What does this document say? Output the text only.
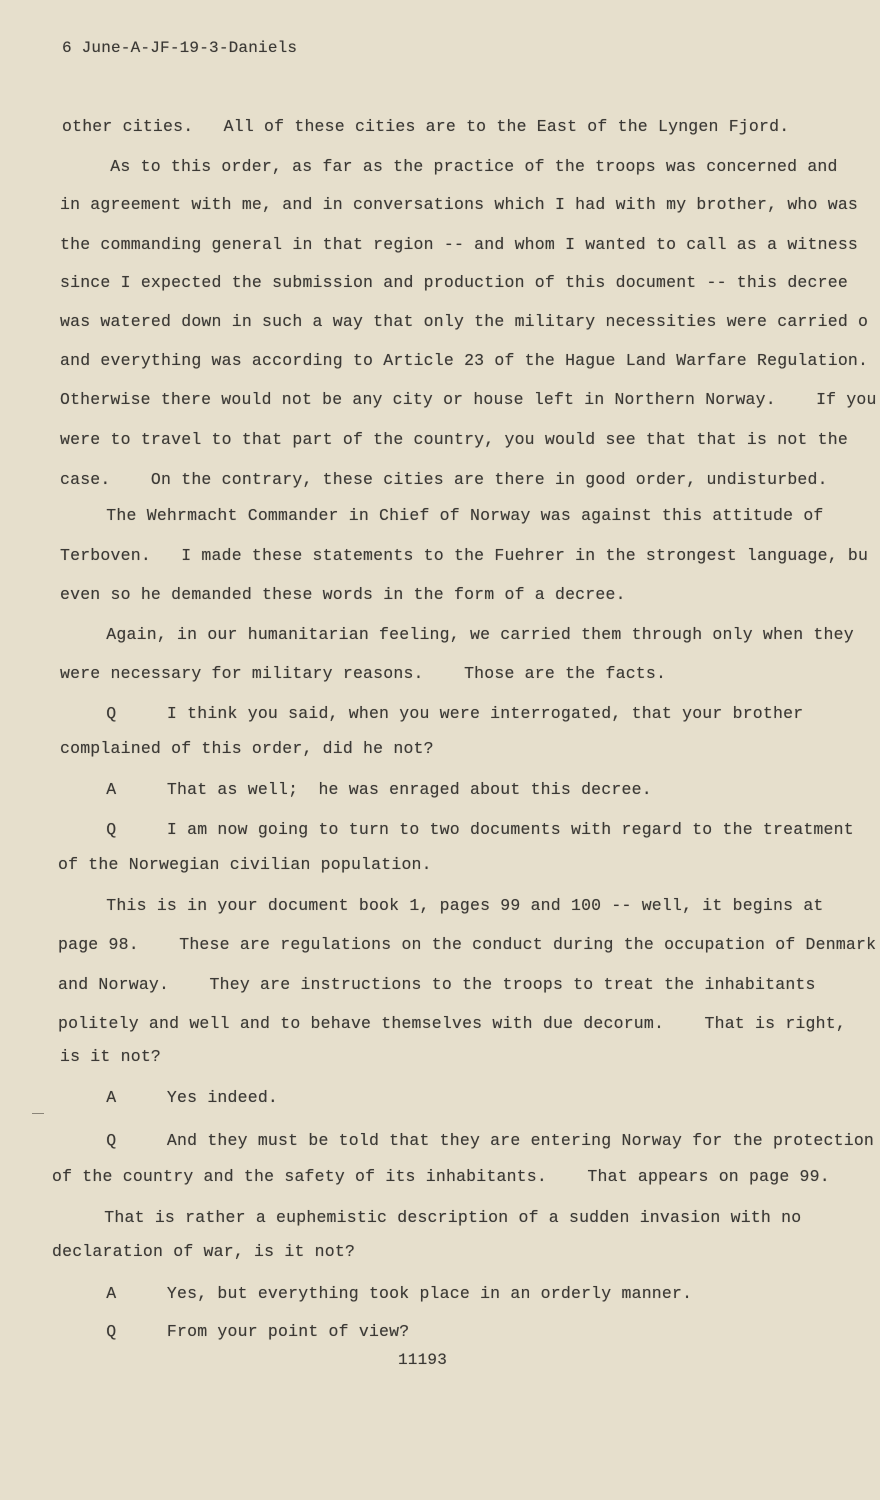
6 June-A-JF-19-3-Daniels
other cities.   All of these cities are to the East of the Lyngen Fjord.
As to this order, as far as the practice of the troops was concerned and
in agreement with me, and in conversations which I had with my brother, who was
the commanding general in that region -- and whom I wanted to call as a witness
since I expected the submission and production of this document -- this decree
was watered down in such a way that only the military necessities were carried o
and everything was according to Article 23 of the Hague Land Warfare Regulation.
Otherwise there would not be any city or house left in Northern Norway.    If you
were to travel to that part of the country, you would see that that is not the
case.    On the contrary, these cities are there in good order, undisturbed.
The Wehrmacht Commander in Chief of Norway was against this attitude of
Terboven.   I made these statements to the Fuehrer in the strongest language, bu
even so he demanded these words in the form of a decree.
Again, in our humanitarian feeling, we carried them through only when they
were necessary for military reasons.    Those are the facts.
Q     I think you said, when you were interrogated, that your brother
complained of this order, did he not?
A     That as well;  he was enraged about this decree.
Q     I am now going to turn to two documents with regard to the treatment
of the Norwegian civilian population.
This is in your document book 1, pages 99 and 100 -- well, it begins at
page 98.    These are regulations on the conduct during the occupation of Denmark
and Norway.    They are instructions to the troops to treat the inhabitants
politely and well and to behave themselves with due decorum.    That is right,
is it not?
A     Yes indeed.
Q     And they must be told that they are entering Norway for the protection
of the country and the safety of its inhabitants.    That appears on page 99.
That is rather a euphemistic description of a sudden invasion with no
declaration of war, is it not?
A     Yes, but everything took place in an orderly manner.
Q     From your point of view?
11193
